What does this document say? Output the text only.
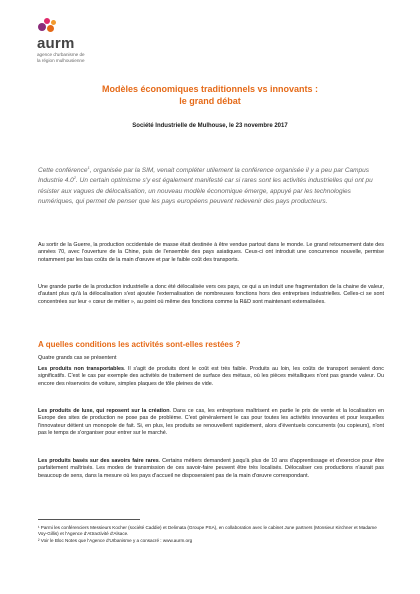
aurm
agence d'urbanisme de
la région mulhousienne
Modèles économiques traditionnels vs innovants :
le grand débat
Société Industrielle de Mulhouse, le 23 novembre 2017
Cette conférence$^1$, organisée par la SIM, venait compléter utilement la conférence organisée il y a peu par Campus Industrie $4.0^2$. Un certain optimisme s'y est également manifesté car si rares sont les activités industrielles qui ont pu résister aux vagues de délocalisation, un nouveau modèle économique émerge, appuyé par les technologies numériques, qui permet de penser que les pays européens peuvent redevenir des pays producteurs.
Au sortir de la Guerre, la production occidentale de masse était destinée à être vendue partout dans le monde. Le grand retournement date des années 70, avec l'ouverture de la Chine, puis de l'ensemble des pays asiatiques. Ceux-ci ont introduit une concurrence nouvelle, permise notamment par les bas coûts de la main d'œuvre et par le faible coût des transports.
Une grande partie de la production industrielle a donc été délocalisée vers ces pays, ce qui a un induit une fragmentation de la chaine de valeur, d'autant plus qu'à la délocalisation s'est ajoutée l'externalisation de nombreuses fonctions hors des entreprises industrielles. Celles-ci se sont concentrées sur leur « cœur de métier », au point où même des fonctions comme la R&D sont maintenant externalisées.
A quelles conditions les activités sont-elles restées ?
Quatre grands cas se présentent
Les produits non transportables. Il s'agit de produits dont le coût est très faible. Produits au loin, les coûts de transport seraient donc significatifs. C'est le cas par exemple des activités de traitement de surface des métaux, où les pièces métalliques n'ont pas grande valeur. Ou encore des réservoirs de voiture, simples plaques de tôle pleines de vide.
Les produits de luxe, qui reposent sur la création. Dans ce cas, les entreprises maîtrisent en partie le prix de vente et la localisation en Europe des sites de production ne pose pas de problème. C'est généralement le cas pour toutes les activités innovantes et pour lesquelles l'innovateur détient un monopole de fait. Si, en plus, les produits se renouvellent rapidement, alors d'éventuels concurrents (ou copieurs), n'ont pas le temps de s'organiser pour entrer sur le marché.
Les produits basés sur des savoirs faire rares. Certains métiers demandent jusqu'à plus de 10 ans d'apprentissage et d'exercice pour être parfaitement maîtrisés. Les modes de transmission de ces savoir-faire peuvent être très localisés. Délocaliser ces productions n'aurait pas beaucoup de sens, dans la mesure où les pays d'accueil ne disposeraient pas de la main d'œuvre correspondant.
¹ Parmi les conférenciers Messieurs Kocher (société Caddie) et Delimata (Groupe PSA), en collaboration avec le cabinet June partners (Monsieur Kirchner et Madame Voy-Gillis) et l'Agence d'Attractivité d'Alsace.
² Voir le Bloc Notes que l'Agence d'Urbanisme y a consacré : www.aurm.org
